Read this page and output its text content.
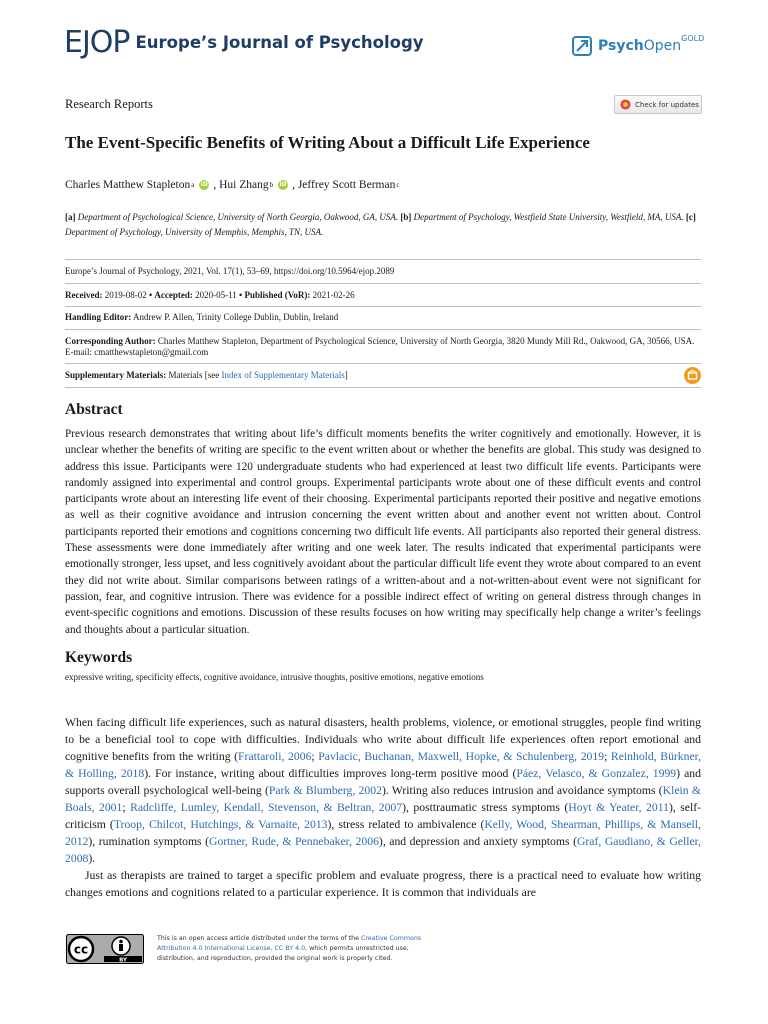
EJOP Europe’s Journal of Psychology	PsychOpen GOLD
Research Reports	Check for updates
The Event-Specific Benefits of Writing About a Difficult Life Experience
Charles Matthew Stapleton a iD ,
Hui Zhang b iD ,
Jeffrey Scott Berman c
[a] Department of Psychological Science, University of North Georgia, Oakwood, GA, USA. [b] Department of Psychology, Westfield State University, Westfield, MA, USA. [c] Department of Psychology, University of Memphis, Memphis, TN, USA.
Europe’s Journal of Psychology, 2021, Vol. 17(1), 53–69, https://doi.org/10.5964/ejop.2089
Received: 2019-08-02 • Accepted: 2020-05-11 • Published (VoR): 2021-02-26
Handling Editor: Andrew P. Allen, Trinity College Dublin, Dublin, Ireland
Corresponding Author: Charles Matthew Stapleton, Department of Psychological Science, University of North Georgia, 3820 Mundy Mill Rd., Oakwood, GA, 30566, USA. E-mail: cmatthewstapleton@gmail.com
Supplementary Materials: Materials [see Index of Supplementary Materials]
Abstract
Previous research demonstrates that writing about life’s difficult moments benefits the writer cognitively and emotionally. However, it is unclear whether the benefits of writing are specific to the event written about or whether the benefits are global. This study was designed to address this issue. Participants were 120 undergraduate students who had experienced at least two difficult life events. Participants were randomly assigned into experimental and control groups. Experimental participants wrote about one of these difficult events and control participants wrote about an interesting life event of their choosing. Experimental participants reported their positive and negative emotions as well as their cognitive avoidance and intrusion concerning the event written about and another event not written about. Control participants reported their emotions and cognitions concerning two difficult life events. All participants also reported their general distress. These assessments were done immediately after writing and one week later. The results indicated that experimental participants were emotionally stronger, less upset, and less cognitively avoidant about the particular difficult life event they wrote about compared to an event they did not write about. Similar comparisons between ratings of a written-about and a not-written-about event were not significant for passion, fear, and cognitive intrusion. There was evidence for a possible indirect effect of writing on general distress through changes in event-specific cognitions and emotions. Discussion of these results focuses on how writing may specifically help change a writer’s feelings and thoughts about a particular situation.
Keywords
expressive writing, specificity effects, cognitive avoidance, intrusive thoughts, positive emotions, negative emotions

When facing difficult life experiences, such as natural disasters, health problems, violence, or emotional struggles, people find writing to be a beneficial tool to cope with difficulties. Individuals who write about difficult life experiences often report emotional and cognitive benefits from the writing (Frattaroli, 2006; Pavlacic, Buchanan, Maxwell, Hopke, & Schulenberg, 2019; Reinhold, Bürkner, & Holling, 2018). For instance, writing about difficulties improves long-term positive mood (Páez, Velasco, & Gonzalez, 1999) and supports overall psychological well-being (Park & Blumberg, 2002). Writing also reduces intrusion and avoidance symptoms (Klein & Boals, 2001; Radcliffe, Lumley, Kendall, Stevenson, & Beltran, 2007), posttraumatic stress symptoms (Hoyt & Yeater, 2011), self-criticism (Troop, Chilcot, Hutchings, & Varnaite, 2013), stress related to ambivalence (Kelly, Wood, Shearman, Phillips, & Mansell, 2012), rumination symptoms (Gortner, Rude, & Pennebaker, 2006), and depression and anxiety symptoms (Graf, Gaudiano, & Geller, 2008).

Just as therapists are trained to target a specific problem and evaluate progress, there is a practical need to evaluate how writing changes emotions and cognitions related to a particular experience. It is common that individuals are

cc
BY
This is an open access article distributed under the terms of the Creative Commons Attribution 4.0 International License, CC BY 4.0, which permits unrestricted use, distribution, and reproduction, provided the original work is properly cited.
